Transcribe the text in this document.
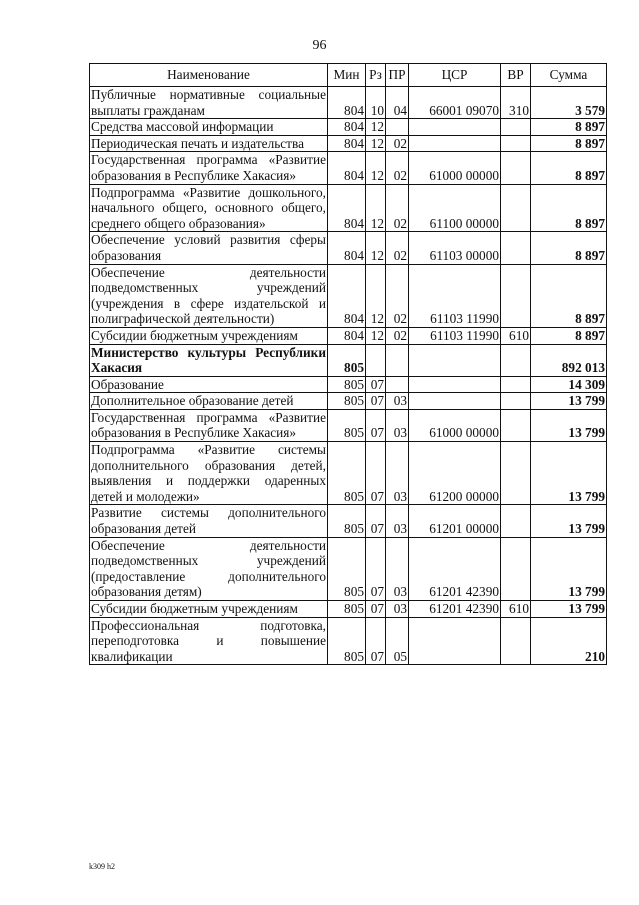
96
Наименование	Мин	Рз	ПР	ЦСР	ВР	Сумма
Публичные нормативные социальные выплаты гражданам	804	10	04	66001 09070	310	3 579
Средства массовой информации	804	12				8 897
Периодическая печать и издательства	804	12	02			8 897
Государственная программа «Развитие образования в Республике Хакасия»	804	12	02	61000 00000		8 897
Подпрограмма «Развитие дошкольного, начального общего, основного общего, среднего общего образования»	804	12	02	61100 00000		8 897
Обеспечение условий развития сферы образования	804	12	02	61103 00000		8 897
Обеспечение деятельности подведомственных учреждений (учреждения в сфере издательской и полиграфической деятельности)	804	12	02	61103 11990		8 897
Субсидии бюджетным учреждениям	804	12	02	61103 11990	610	8 897
Министерство культуры Республики Хакасия	805					892 013
Образование	805	07				14 309
Дополнительное образование детей	805	07	03			13 799
Государственная программа «Развитие образования в Республике Хакасия»	805	07	03	61000 00000		13 799
Подпрограмма «Развитие системы дополнительного образования детей, выявления и поддержки одаренных детей и молодежи»	805	07	03	61200 00000		13 799
Развитие системы дополнительного образования детей	805	07	03	61201 00000		13 799
Обеспечение деятельности подведомственных учреждений (предоставление дополнительного образования детям)	805	07	03	61201 42390		13 799
Субсидии бюджетным учреждениям	805	07	03	61201 42390	610	13 799
Профессиональная подготовка, переподготовка и повышение квалификации	805	07	05			210
k309 h2
